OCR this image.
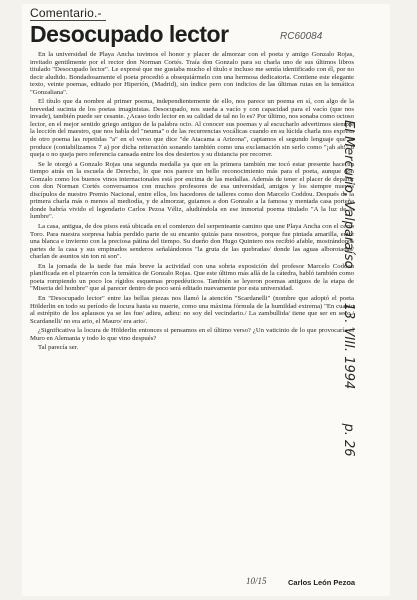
Comentario.-
Desocupado lector	RC60084

En la universidad de Playa Ancha tuvimos el honor y placer de almorzar con el poeta y amigo Gonzalo Rojas, invitado gentilmente por el rector don Norman Cortés. Traía don Gonzalo para su charla uno de sus últimos libros titulado "Desocupado lector". Le expresé que me gustaba mucho el título e incluso me sentía identificado con él, por no decir aludido. Bondadosamente el poeta procedió a obsequiármelo con una hermosa dedicatoria. Contiene este elegante texto, veinte poemas, editado por Hiperión, (Madrid), sin índice pero con indicios de las últimas rutas en la temática "Gonzaliana".

El título que da nombre al primer poema, independientemente de ello, nos parece un poema en sí, con algo de la brevedad sucinta de los poetas imaginistas. Desocupado, nos sueña a vacío y con capacidad para el vacío (que nos invade), también puede ser cesante. ¿Acaso todo lector en su calidad de tal no lo es? Por último, nos sonaba como ocioso lector, en el mejor sentido griego antiguo de la palabra ocio. Al conocer sus poemas y al escucharlo advertimos siempre la lección del maestro, que nos habla del "neuma" o de las recurrencias vocálicas cuando en su lúcida charla nos expresa de otro poema las repetidas "a" en el verso que dice "de Atacama a Arizona", captamos el segundo lenguaje que se produce (contabilizamos 7 a) por dicha reiteración sonando también como una exclamación sin serlo como "¡ah ah!" u queja o no queja pero referencia cansada entre los dos desiertos y su distancia por recorrer.

Se le otorgó a Gonzalo Rojas una segunda medalla ya que en la primera también me tocó estar presente hace un tiempo atrás en la escuela de Derecho, lo que nos parece un bello reconocimiento más para el poeta, aunque don Gonzalo como los buenos vinos internacionales está por encima de las medallas. Además de tener el placer de departir con don Norman Cortés conversamos con muchos profesores de esa universidad, amigos y los siempre nuevos discípulos de nuestro Premio Nacional, entre ellos, los hacedores de talleres como don Marcelo Coddou. Después de la primera charla más o menos al mediodía, y de almorzar, guiamos a don Gonzalo a la famosa y mentada casa porteña donde habría vivido el legendario Carlos Pezoa Véliz, aludiéndola en ese inmortal poema titulado "A la luz de la lumbre".

La casa, antigua, de dos pisos está ubicada en el comienzo del serpenteante camino que une Playa Ancha con el cerro Toro. Para nuestra sorpresa había perdido parte de su encanto quizás para nosotros, porque fue pintada amarilla, entre una blanca e invierno con la preciosa pátina del tiempo. Su dueño don Hugo Quintero nos recibió afable, mostrándonos partes de la casa y sus empinados senderos señalándonos "la gruta de las quebradas/ donde las aguas alborotadas/ charlan de asuntos sin ton ni son".

En la jornada de la tarde fue más breve la actividad con una sobria exposición del profesor Marcelo Coddou planificada en el pizarrón con la temática de Gonzalo Rojas. Que este último más allá de la cátedra, habló también como poeta rompiendo un poco los rígidos esquemas propedéuticos. También se leyeron poemas antiguos de la etapa de "Miseria del hombre" que al parecer dentro de poco será editado nuevamente por esta universidad.

En "Desocupado lector" entre las bellas piezas nos llamó la atención "Scardanelli" (nombre que adoptó el poeta Hölderlin en todo su período de locura hasta su muerte, como una máxima fórmula de la humildad extrema) "En cuanto al estrépito de los aplausos ya se les fue/ adieu, adieu: no soy del vecindario./ La zambullida/ tiene que ser en seco./ Scardanelli/ no era ario, el Mauro/ era ario/.

¿Significativa la locura de Hölderlin entonces si pensamos en el último verso? ¿Un vaticinio de lo que provocaría el Muro en Alemania y todo lo que vino después?

Tal parecía ser.

10/15	Carlos León Pezoa
El Mercurio, Valparaíso 13. VIII. 1994 p. 26
